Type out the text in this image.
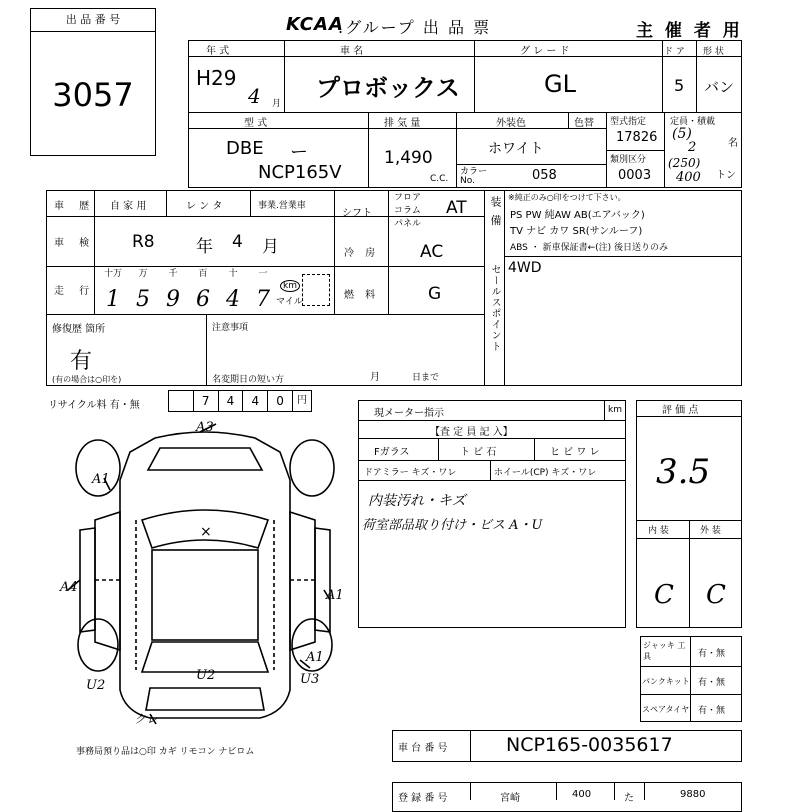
出 品 番 号
3057
KCAA
.グループ 出 品 票	主 催 者 用
年 式
H29
4 月
車 名
プロボックス
グ レ ー ド
GL
ド ア
5
形 状
バン
型 式
DBE ー
NCP165V
排 気 量
1,490
C.C.
外装色	色替
ホワイト
カラー No.	058
型式指定
17826
類別区分
0003
定員・積載
(5)
2	名
(250)
400 トン
車 歴 自 家 用	レ ン タ	事業.営業車
車 検 R8 年 4 月
走 行
十万	万	千	百	十	一
1 5 9 6 4 7
km
マイル
シフト
フロア
コラム
パネル
AT
冷 房 AC
燃 料	G
装 備 ※純正のみ○印をつけて下さい。
PS PW 純AW AB(エアバック)
TV ナビ カワ SR(サンルーフ)
ABS ・ 新車保証書←(注) 後日送りのみ
セールスポイント 4WD
修復歴 箇所
有
(有の場合は○印を)
注意事項
名変期日の短い方	月	日まで
リサイクル料 有・無	7	4	4	0	円
A3
A1
A4
A1
A1
U3
U2
U2
クレ
×
事務局預り品は○印 カギ リモコン ナビロム
現メーター指示	km
【査 定 員 記 入】
Fガラス	ト ビ 石	ヒ ビ ワ レ
ドアミラー キズ・ワレ	ホイール(CP) キズ・ワレ
内装汚れ・キズ
荷室部品取り付け・ビス A・U
評 価 点
3.5
内 装	外 装
C C
ジャッキ 工 具	有・無
パンクキット 有・無
スペアタイヤ 有・無
車 台 番 号	NCP165-0035617
登 録 番 号	宮崎	400	た	9880
